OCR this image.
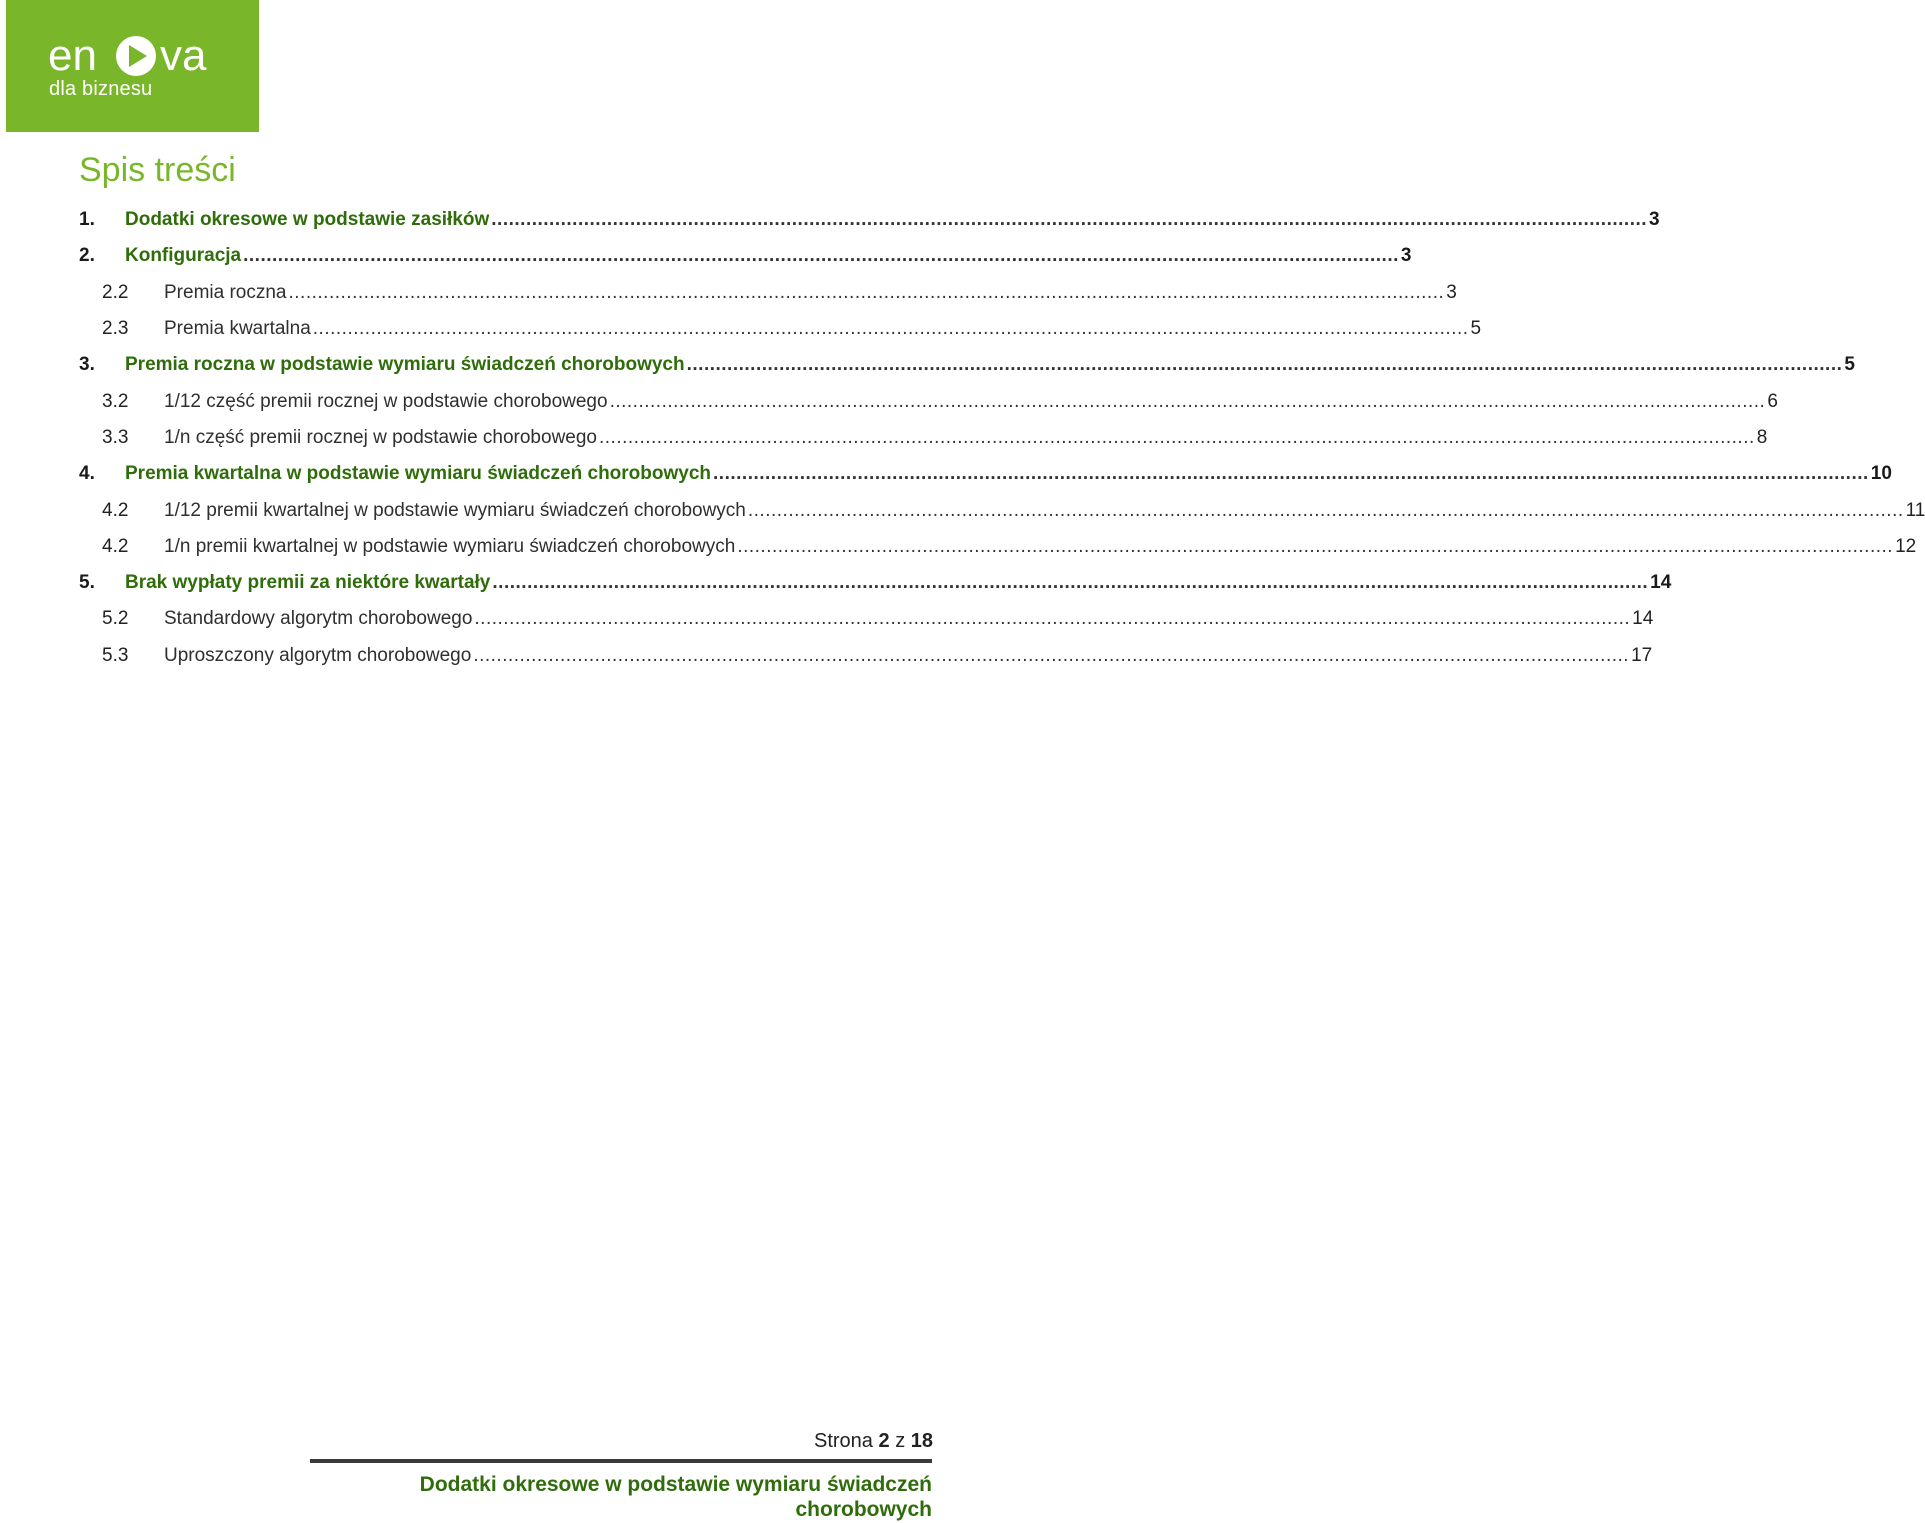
en va
dla biznesu
Spis treści
1.	Dodatki okresowe w podstawie zasiłków ........................................................................................................................................................................................................ 3
2.	Konfiguracja ........................................................................................................................................................................................................ 3
2.2	Premia roczna ........................................................................................................................................................................................................ 3
2.3	Premia kwartalna ........................................................................................................................................................................................................ 5
3.	Premia roczna w podstawie wymiaru świadczeń chorobowych ........................................................................................................................................................................................................ 5
3.2	1/12 część premii rocznej w podstawie chorobowego ........................................................................................................................................................................................................ 6
3.3	1/n część premii rocznej w podstawie chorobowego ........................................................................................................................................................................................................ 8
4.	Premia kwartalna w podstawie wymiaru świadczeń chorobowych ........................................................................................................................................................................................................ 10
4.2	1/12 premii kwartalnej w podstawie wymiaru świadczeń chorobowych ........................................................................................................................................................................................................ 11
4.2	1/n premii kwartalnej w podstawie wymiaru świadczeń chorobowych ........................................................................................................................................................................................................ 12
5.	Brak wypłaty premii za niektóre kwartały ........................................................................................................................................................................................................ 14
5.2	Standardowy algorytm chorobowego ........................................................................................................................................................................................................ 14
5.3	Uproszczony algorytm chorobowego ........................................................................................................................................................................................................ 17
Strona 2 z 18
Dodatki okresowe w podstawie wymiaru świadczeń chorobowych
